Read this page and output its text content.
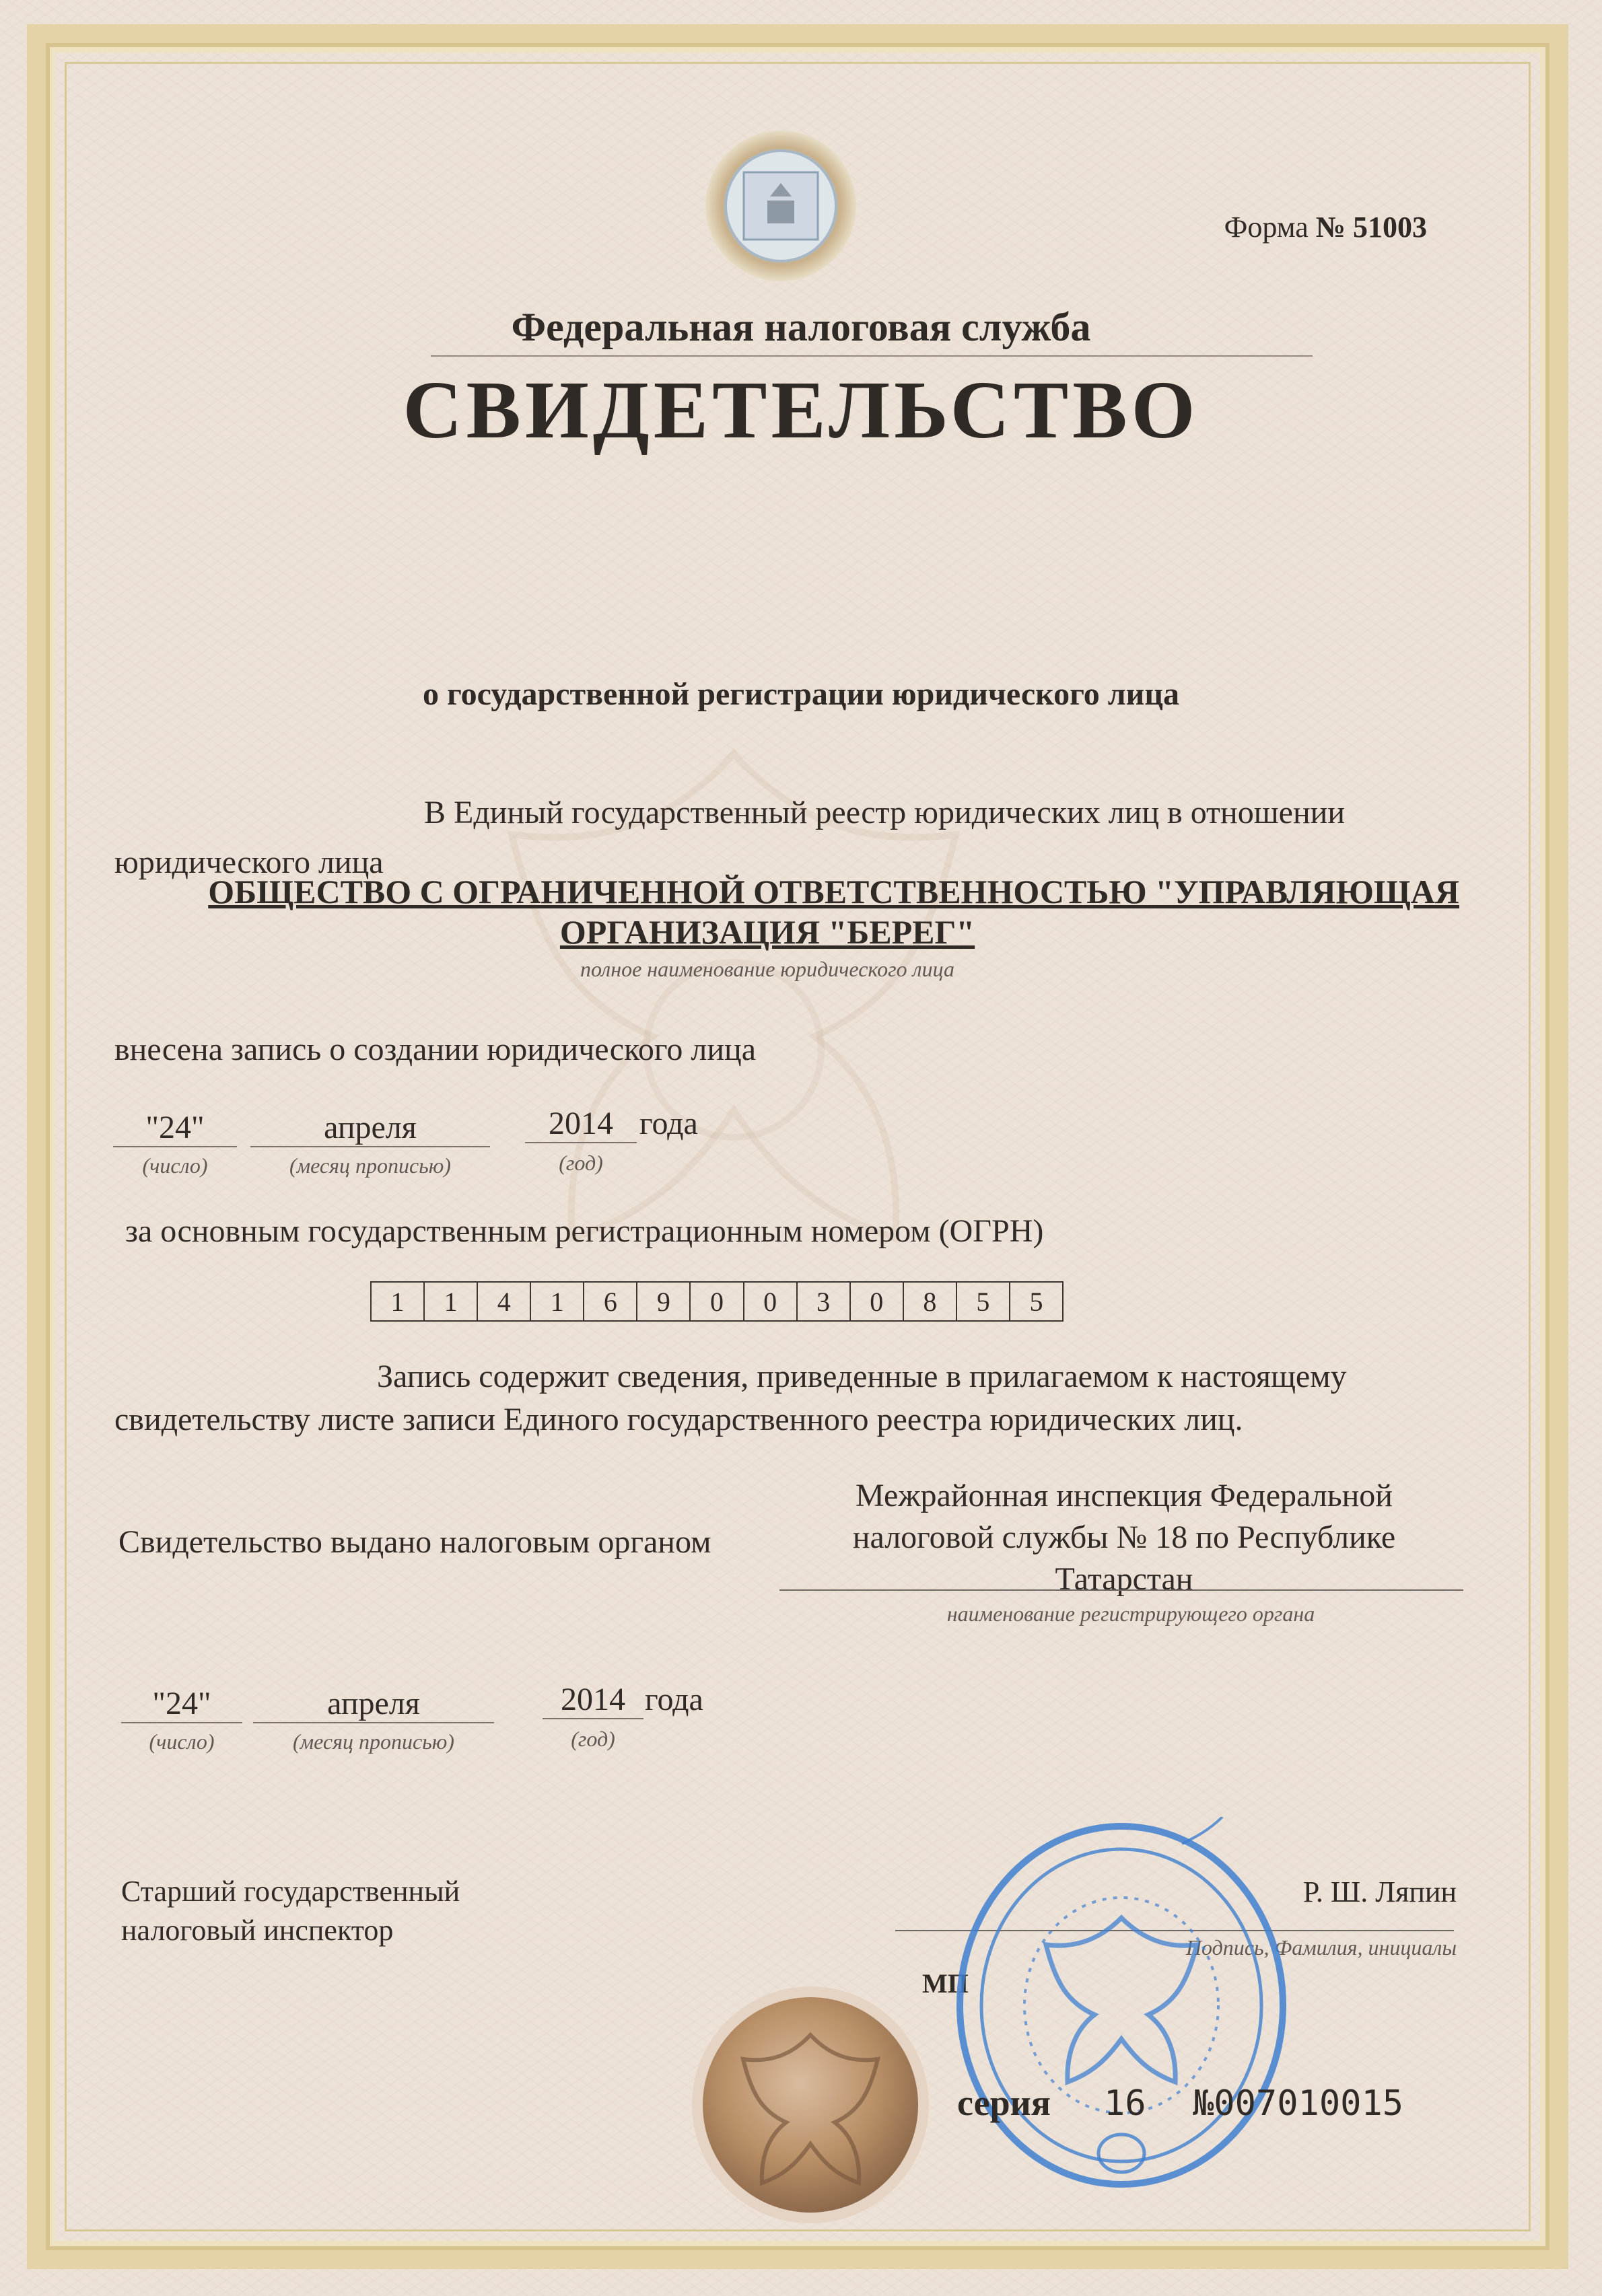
Форма № 51003
Федеральная налоговая служба
СВИДЕТЕЛЬСТВО
о государственной регистрации юридического лица
В Единый государственный реестр юридических лиц в отношении
юридического лица
ОБЩЕСТВО С ОГРАНИЧЕННОЙ ОТВЕТСТВЕННОСТЬЮ "УПРАВЛЯЮЩАЯ
ОРГАНИЗАЦИЯ "БЕРЕГ"
полное наименование юридического лица
внесена запись о создании юридического лица
"24"	апреля	2014 года
(число)	(месяц прописью)	(год)
за основным государственным регистрационным номером (ОГРН)
1	1	4	1	6	9	0	0	3	0	8	5	5
Запись содержит сведения, приведенные в прилагаемом к настоящему
свидетельству листе записи Единого государственного реестра юридических лиц.
Свидетельство выдано налоговым органом
Межрайонная инспекция Федеральной
налоговой службы № 18 по Республике
Татарстан
наименование регистрирующего органа
"24"	апреля	2014 года
(число)	(месяц прописью)	(год)
Старший государственный
налоговый инспектор
Р. Ш. Ляпин
Подпись, Фамилия, инициалы
МП
серия 16 №007010015
